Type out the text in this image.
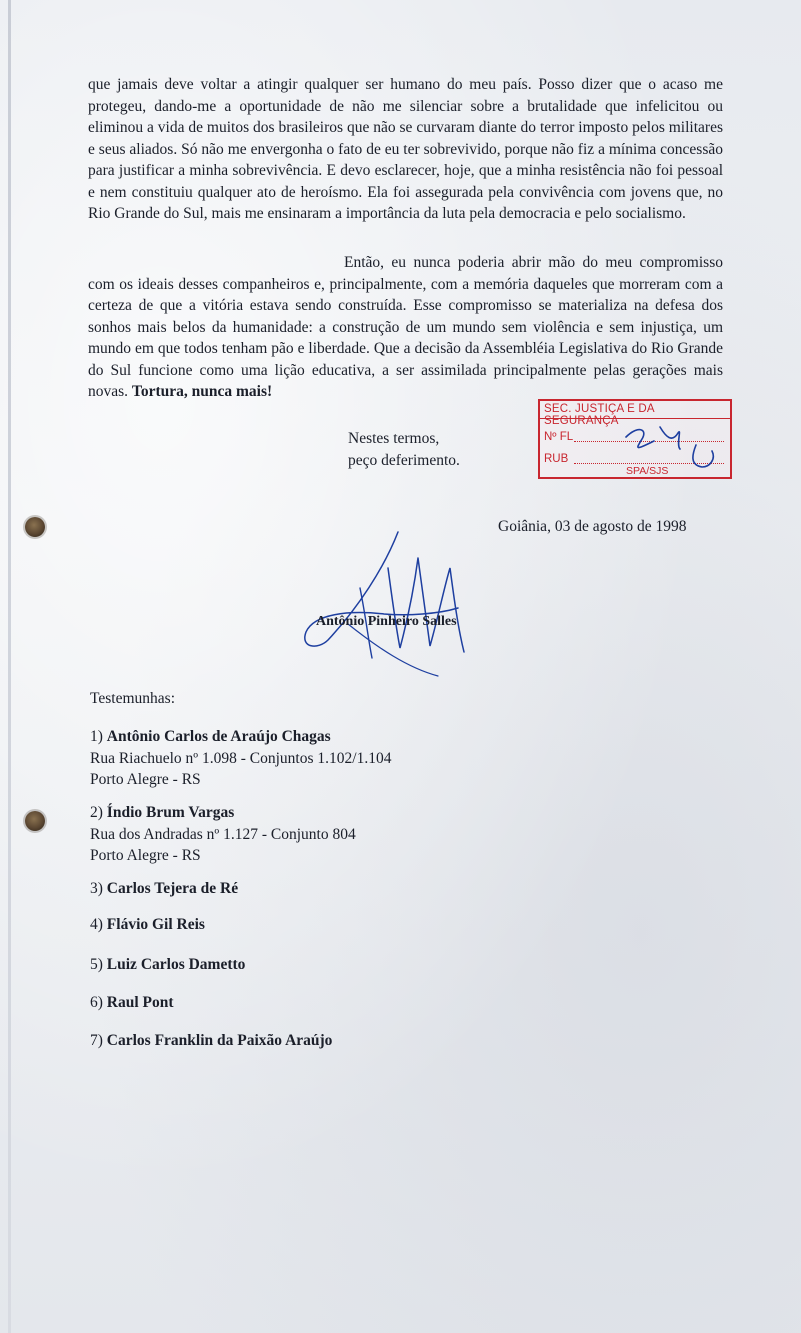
que jamais deve voltar a atingir qualquer ser humano do meu país. Posso dizer que o acaso me protegeu, dando-me a oportunidade de não me silenciar sobre a brutalidade que infelicitou ou eliminou a vida de muitos dos brasileiros que não se curvaram diante do terror imposto pelos militares e seus aliados. Só não me envergonha o fato de eu ter sobrevivido, porque não fiz a mínima concessão para justificar a minha sobrevivência. E devo esclarecer, hoje, que a minha resistência não foi pessoal e nem constituiu qualquer ato de heroísmo. Ela foi assegurada pela convivência com jovens que, no Rio Grande do Sul, mais me ensinaram a importância da luta pela democracia e pelo socialismo.

Então, eu nunca poderia abrir mão do meu compromisso com os ideais desses companheiros e, principalmente, com a memória daqueles que morreram com a certeza de que a vitória estava sendo construída. Esse compromisso se materializa na defesa dos sonhos mais belos da humanidade: a construção de um mundo sem violência e sem injustiça, um mundo em que todos tenham pão e liberdade. Que a decisão da Assembléia Legislativa do Rio Grande do Sul funcione como uma lição educativa, a ser assimilada principalmente pelas gerações mais novas. Tortura, nunca mais!

Nestes termos,
peço deferimento.
SEC. JUSTIÇA E DA SEGURANÇA
Nº FL
RUB
SPA/SJS
Goiânia, 03 de agosto de 1998
Antônio Pinheiro Salles
Testemunhas:
1) Antônio Carlos de Araújo Chagas
Rua Riachuelo nº 1.098 - Conjuntos 1.102/1.104
Porto Alegre - RS
2) Índio Brum Vargas
Rua dos Andradas nº 1.127 - Conjunto 804
Porto Alegre - RS
3) Carlos Tejera de Ré
4) Flávio Gil Reis
5) Luiz Carlos Dametto
6) Raul Pont
7) Carlos Franklin da Paixão Araújo
